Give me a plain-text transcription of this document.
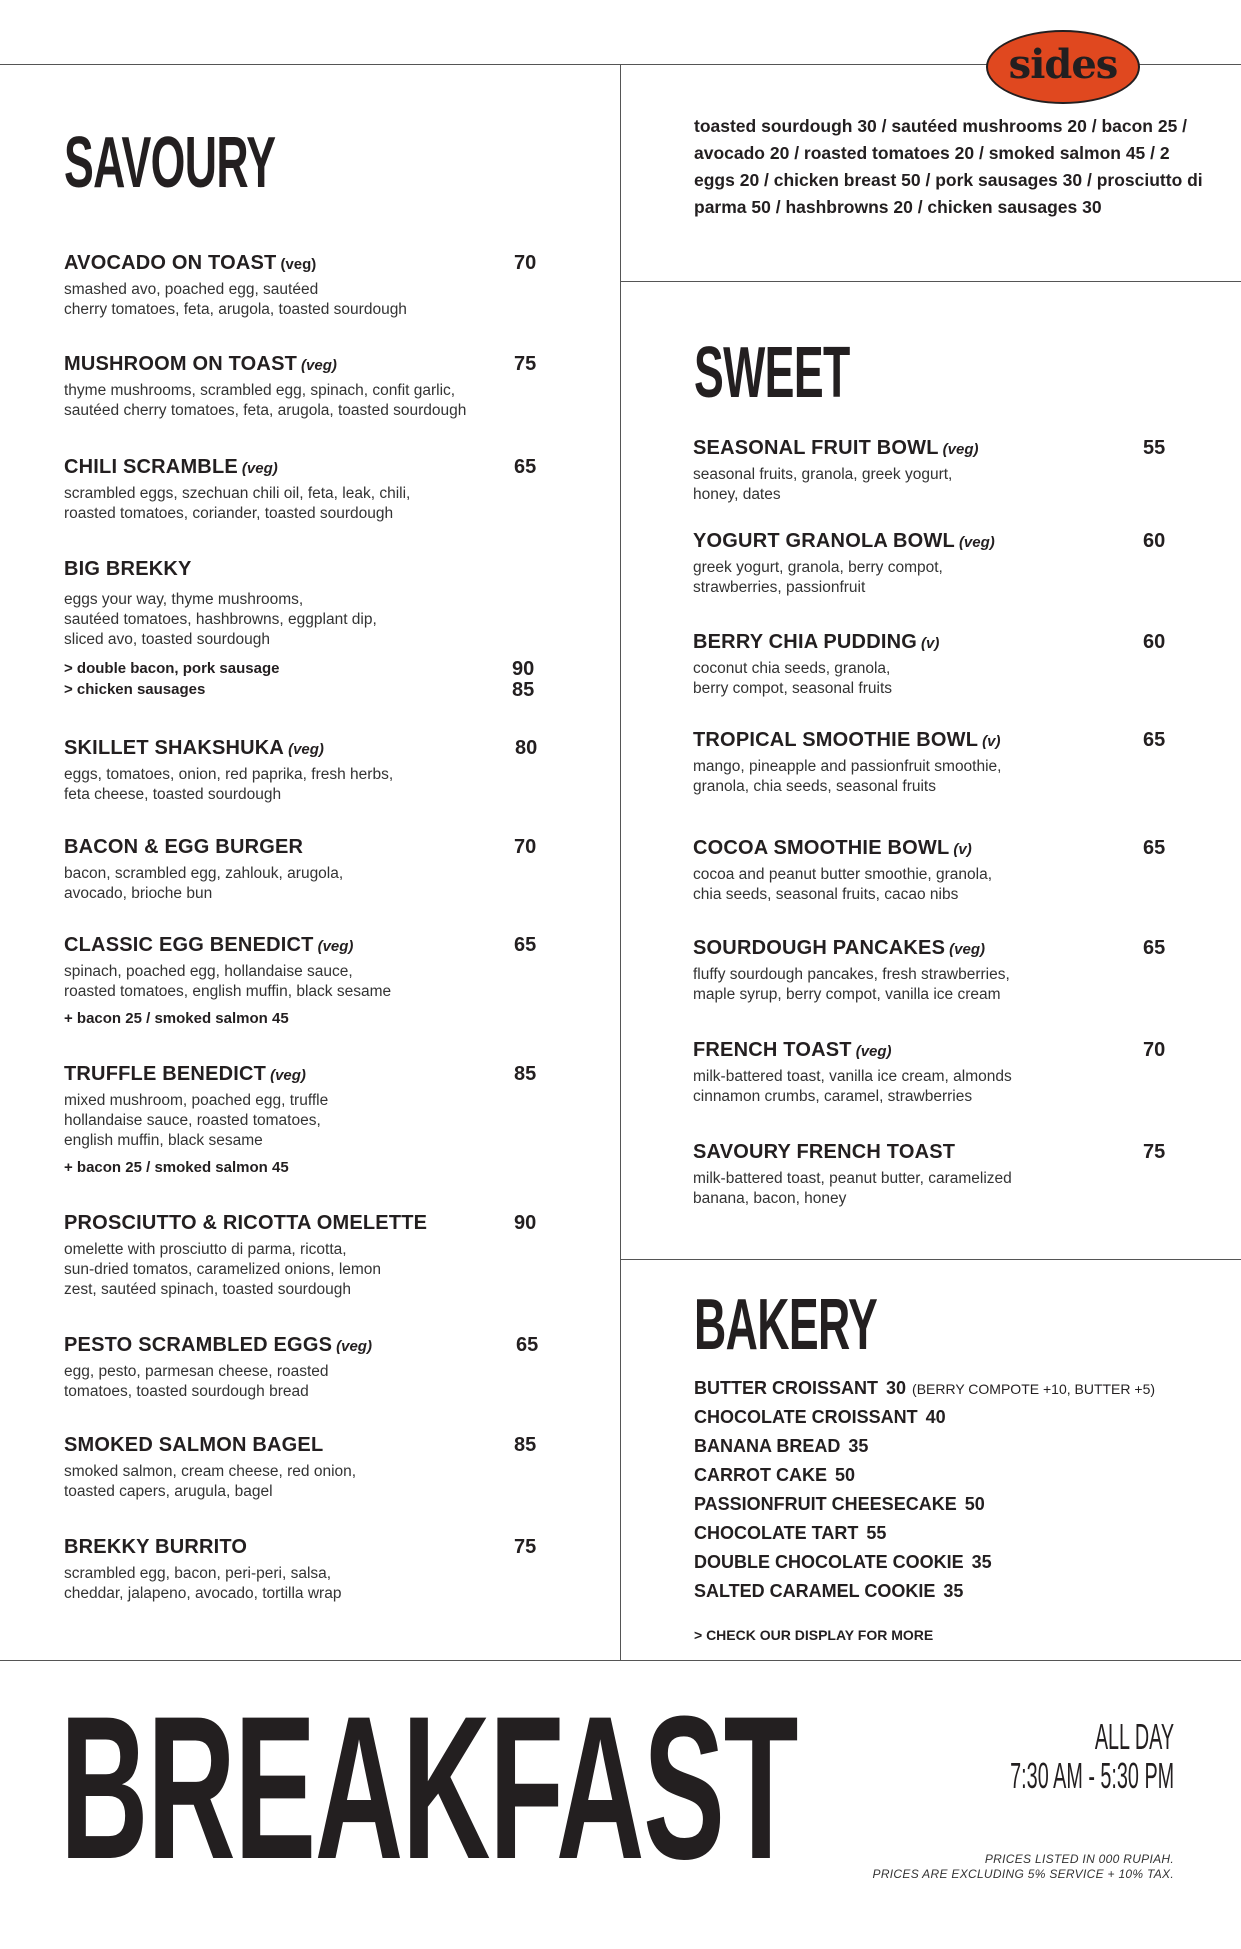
sides
toasted sourdough 30 / sautéed mushrooms 20 / bacon 25 / avocado 20 / roasted tomatoes 20 / smoked salmon 45 / 2 eggs 20 / chicken breast 50 / pork sausages 30 / prosciutto di parma 50 / hashbrowns 20 / chicken sausages 30
SAVOURY
SWEET
BAKERY
AVOCADO ON TOAST (veg)	70
smashed avo, poached egg, sautéed
cherry tomatoes, feta, arugola, toasted sourdough
MUSHROOM ON TOAST (veg)	75
thyme mushrooms, scrambled egg, spinach, confit garlic,
sautéed cherry tomatoes, feta, arugola, toasted sourdough
CHILI SCRAMBLE (veg)	65
scrambled eggs, szechuan chili oil, feta, leak, chili,
roasted tomatoes, coriander, toasted sourdough
BIG BREKKY
eggs your way, thyme mushrooms,
sautéed tomatoes, hashbrowns, eggplant dip,
sliced avo, toasted sourdough
> double bacon, pork sausage	90
> chicken sausages	85
SKILLET SHAKSHUKA (veg)	80
eggs, tomatoes, onion, red paprika, fresh herbs,
feta cheese, toasted sourdough
BACON & EGG BURGER	70
bacon, scrambled egg, zahlouk, arugola,
avocado, brioche bun
CLASSIC EGG BENEDICT (veg)	65
spinach, poached egg, hollandaise sauce,
roasted tomatoes, english muffin, black sesame
+ bacon 25 / smoked salmon 45
TRUFFLE BENEDICT (veg)	85
mixed mushroom, poached egg, truffle
hollandaise sauce, roasted tomatoes,
english muffin, black sesame
+ bacon 25 / smoked salmon 45
PROSCIUTTO & RICOTTA OMELETTE	90
omelette with prosciutto di parma, ricotta,
sun-dried tomatos, caramelized onions, lemon
zest, sautéed spinach, toasted sourdough
PESTO SCRAMBLED EGGS (veg)	65
egg, pesto, parmesan cheese, roasted
tomatoes, toasted sourdough bread
SMOKED SALMON BAGEL	85
smoked salmon, cream cheese, red onion,
toasted capers, arugula, bagel
BREKKY BURRITO	75
scrambled egg, bacon, peri-peri, salsa,
cheddar, jalapeno, avocado, tortilla wrap
SEASONAL FRUIT BOWL (veg)	55
seasonal fruits, granola, greek yogurt,
honey, dates
YOGURT GRANOLA BOWL (veg)	60
greek yogurt, granola, berry compot,
strawberries, passionfruit
BERRY CHIA PUDDING (v)	60
coconut chia seeds, granola,
berry compot, seasonal fruits
TROPICAL SMOOTHIE BOWL (v)	65
mango, pineapple and passionfruit smoothie,
granola, chia seeds, seasonal fruits
COCOA SMOOTHIE BOWL (v)	65
cocoa and peanut butter smoothie, granola,
chia seeds, seasonal fruits, cacao nibs
SOURDOUGH PANCAKES (veg)	65
fluffy sourdough pancakes, fresh strawberries,
maple syrup, berry compot, vanilla ice cream
FRENCH TOAST (veg)	70
milk-battered toast, vanilla ice cream, almonds
cinnamon crumbs, caramel, strawberries
SAVOURY FRENCH TOAST	75
milk-battered toast, peanut butter, caramelized
banana, bacon, honey
BUTTER CROISSANT 30 (BERRY COMPOTE +10, BUTTER +5)
CHOCOLATE CROISSANT 40
BANANA BREAD 35
CARROT CAKE 50
PASSIONFRUIT CHEESECAKE 50
CHOCOLATE TART 55
DOUBLE CHOCOLATE COOKIE 35
SALTED CARAMEL COOKIE 35
> CHECK OUR DISPLAY FOR MORE
BREAKFAST	ALL DAY
7:30 AM - 5:30 PM
PRICES LISTED IN 000 RUPIAH.
PRICES ARE EXCLUDING 5% SERVICE + 10% TAX.
